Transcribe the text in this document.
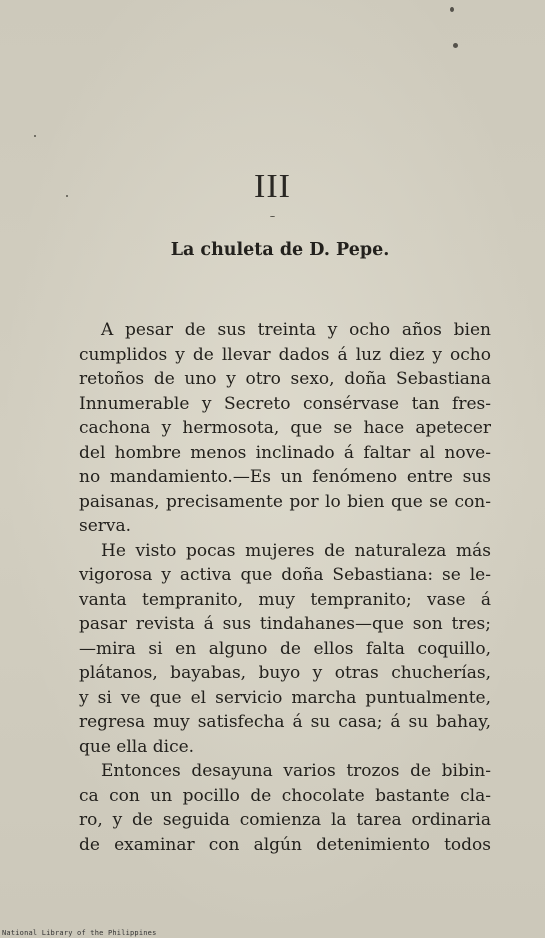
III
La chuleta de D. Pepe.
A pesar de sus treinta y ocho años bien
cumplidos y de llevar dados á luz diez y ocho
retoños de uno y otro sexo, doña Sebastiana
Innumerable y Secreto consérvase tan fres-
cachona y hermosota, que se hace apetecer
del hombre menos inclinado á faltar al nove-
no mandamiento.—Es un fenómeno entre sus
paisanas, precisamente por lo bien que se con-
serva.
He visto pocas mujeres de naturaleza más
vigorosa y activa que doña Sebastiana: se le-
vanta tempranito, muy tempranito; vase á
pasar revista á sus tindahanes—que son tres;
—mira si en alguno de ellos falta coquillo,
plátanos, bayabas, buyo y otras chucherías,
y si ve que el servicio marcha puntualmente,
regresa muy satisfecha á su casa; á su bahay,
que ella dice.
Entonces desayuna varios trozos de bibin-
ca con un pocillo de chocolate bastante cla-
ro, y de seguida comienza la tarea ordinaria
de examinar con algún detenimiento todos
National Library of the Philippines
